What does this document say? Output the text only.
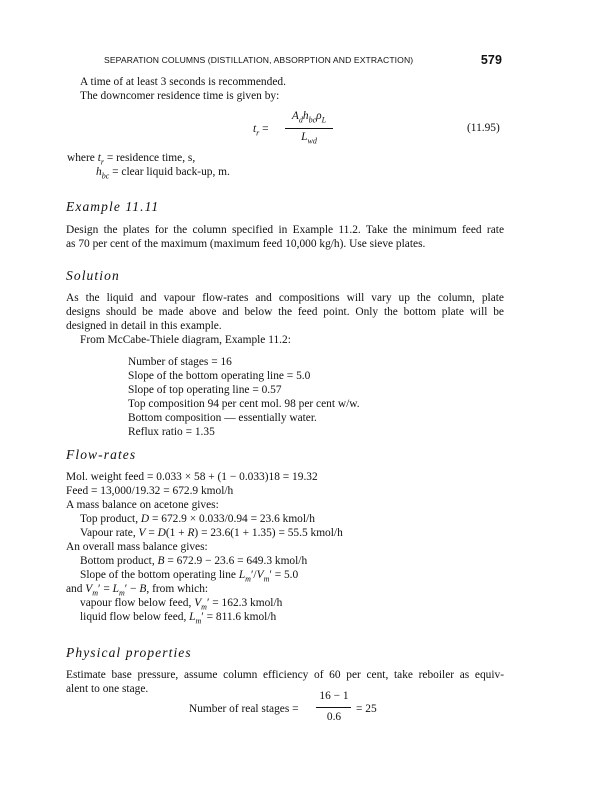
SEPARATION COLUMNS (DISTILLATION, ABSORPTION AND EXTRACTION)	579
A time of at least 3 seconds is recommended.
The downcomer residence time is given by:
$t_r$ =
$A_dh_{bc}\rho_L$
$L_{wd}$
(11.95)
where $t_r$ = residence time, s,
$h_{bc}$ = clear liquid back-up, m.
Example 11.11
Design the plates for the column specified in Example 11.2. Take the minimum feed rate
as 70 per cent of the maximum (maximum feed 10,000 kg/h). Use sieve plates.
Solution
As the liquid and vapour flow-rates and compositions will vary up the column, plate
designs should be made above and below the feed point. Only the bottom plate will be
designed in detail in this example.
From McCabe-Thiele diagram, Example 11.2:
Number of stages = 16
Slope of the bottom operating line = 5.0
Slope of top operating line = 0.57
Top composition 94 per cent mol. 98 per cent w/w.
Bottom composition — essentially water.
Reflux ratio = 1.35
Flow-rates
Mol. weight feed = 0.033 × 58 + (1 − 0.033)18 = 19.32
Feed = 13,000/19.32 = 672.9 kmol/h
A mass balance on acetone gives:
Top product, D = 672.9 × 0.033/0.94 = 23.6 kmol/h
Vapour rate, V = D(1 + R) = 23.6(1 + 1.35) = 55.5 kmol/h
An overall mass balance gives:
Bottom product, B = 672.9 − 23.6 = 649.3 kmol/h
Slope of the bottom operating line $L_m'/V_m' = 5.0$
and $V_m' = L_m' - B$, from which:
vapour flow below feed, $V_m' = 162.3$ kmol/h
liquid flow below feed, $L_m' = 811.6$ kmol/h
Physical properties
Estimate base pressure, assume column efficiency of 60 per cent, take reboiler as equiv-
alent to one stage.
Number of real stages =
16 − 1
0.6
= 25
